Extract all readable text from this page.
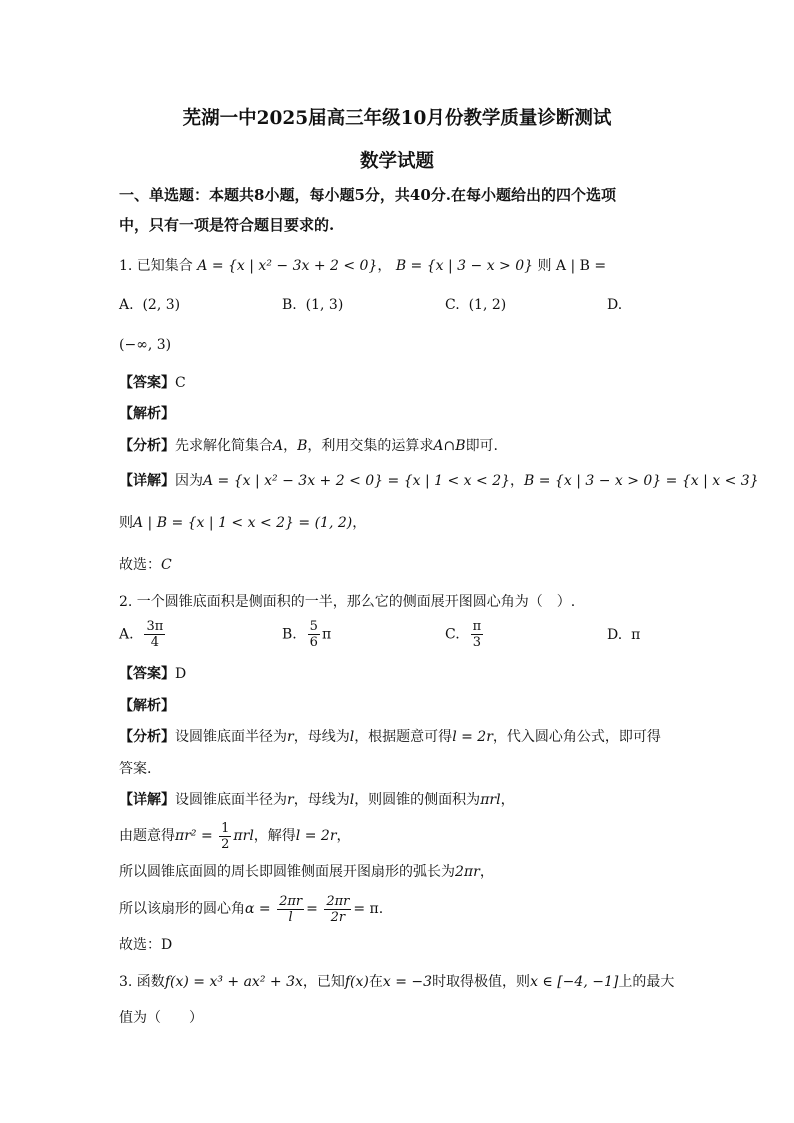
芜湖一中2025届高三年级10月份教学质量诊断测试
数学试题
一、单选题：本题共8小题，每小题5分，共40分.在每小题给出的四个选项
中，只有一项是符合题目要求的.
1. 已知集合 A = {x | x² − 3x + 2 < 0}， B = {x | 3 − x > 0} 则 A | B =
A. (2, 3)	B. (1, 3)	C. (1, 2)	D.
(−∞, 3)
【答案】C
【解析】
【分析】先求解化简集合A，B，利用交集的运算求A∩B即可.
【详解】因为A = {x | x² − 3x + 2 < 0} = {x | 1 < x < 2}，B = {x | 3 − x > 0} = {x | x < 3}
则A | B = {x | 1 < x < 2} = (1, 2)，
故选：C
2. 一个圆锥底面积是侧面积的一半，那么它的侧面展开图圆心角为（　）.
A. $\frac{3\pi}{4}$	B. $\frac{5}{6}$ π	C. $\frac{\pi}{3}$	D. π
【答案】D
【解析】
【分析】设圆锥底面半径为r，母线为l，根据题意可得l = 2r，代入圆心角公式，即可得
答案.
【详解】设圆锥底面半径为r，母线为l，则圆锥的侧面积为πrl，
由题意得$\pi r^2 = \frac{1}{2}$ πrl，解得l = 2r，
所以圆锥底面圆的周长即圆锥侧面展开图扇形的弧长为2πr，
所以该扇形的圆心角$\alpha = \frac{2\pi r}{l} = \frac{2\pi r}{2r} = \pi$.
故选：D
3. 函数f(x) = x³ + ax² + 3x，已知f(x)在x = −3时取得极值，则x ∈ [−4, −1]上的最大
值为（　　）
